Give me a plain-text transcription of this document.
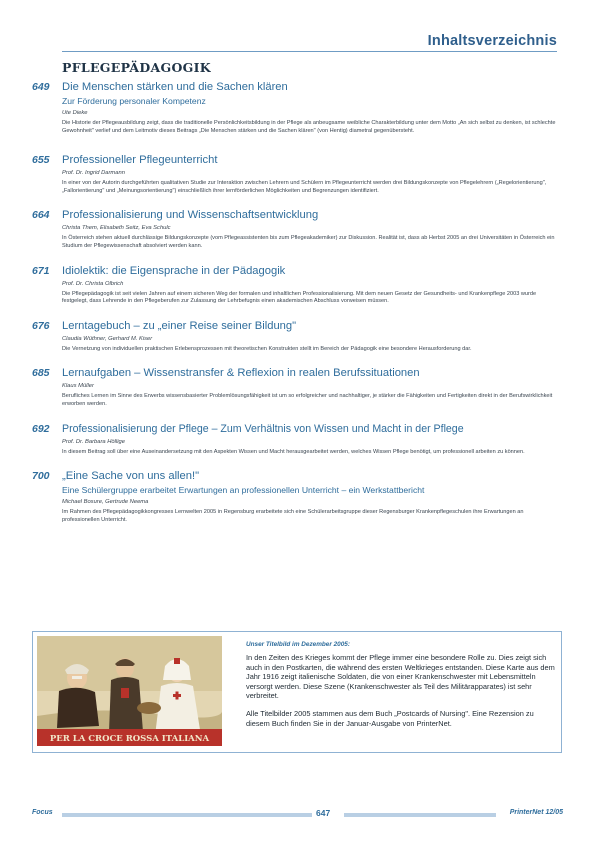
Inhaltsverzeichnis
PFLEGEPÄDAGOGIK
649 Die Menschen stärken und die Sachen klären
Zur Förderung personaler Kompetenz
Ute Dieke
Die Historie der Pflegeausbildung zeigt, dass die traditionelle Persönlichkeitsbildung in der Pflege als anbeugsame weibliche Charakterbildung unter dem Motto „An sich selbst zu denken, ist schlechte Gewohnheit" verlief und dem Leitmotiv dieses Beitrags „Die Menschen stärken und die Sachen klären" (von Hentig) diametral gegenübersteht.
655 Professioneller Pflegeunterricht
Prof. Dr. Ingrid Darmann
In einer von der Autorin durchgeführten qualitativen Studie zur Interaktion zwischen Lehrern und Schülern im Pflegeunterricht werden drei Bildungskonzepte von Pflegelehrern („Regelorientierung", „Fallorientierung" und „Meinungsorientierung") einschließlich ihrer lernförderlichen Möglichkeiten und Begrenzungen identifiziert.
664 Professionalisierung und Wissenschaftsentwicklung
Christa Them, Elisabeth Seitz, Eva Schulc
In Österreich stehen aktuell durchlässige Bildungskonzepte (vom Pflegeassistenten bis zum Pflegeakademiker) zur Diskussion. Realität ist, dass ab Herbst 2005 an drei Universitäten in Österreich ein Studium der Pflegewissenschaft absolviert werden kann.
671 Idiolektik: die Eigensprache in der Pädagogik
Prof. Dr. Christa Olbrich
Die Pflegepädagogik ist seit vielen Jahren auf einem sicheren Weg der formalen und inhaltlichen Professionalisierung. Mit dem neuen Gesetz der Gesundheits- und Krankenpflege 2003 wurde festgelegt, dass Lehrende in den Pflegeberufen zur Zulassung der Lehrbefugnis einen akademischen Abschluss vorweisen müssen.
676 Lerntagebuch – zu „einer Reise seiner Bildung"
Claudia Wüthner, Gerhard M. Kiser
Die Vernetzung von individuellen praktischen Erlebensprozessen mit theoretischen Konstrukten stellt im Bereich der Pädagogik eine besondere Herausforderung dar.
685 Lernaufgaben – Wissenstransfer & Reflexion in realen Berufssituationen
Klaus Müller
Berufliches Lernen im Sinne des Erwerbs wissensbasierter Problemlösungsfähigkeit ist um so erfolgreicher und nachhaltiger, je stärker die Fähigkeiten und Fertigkeiten direkt in der Berufswirklichkeit erworben werden.
692 Professionalisierung der Pflege – Zum Verhältnis von Wissen und Macht in der Pflege
Prof. Dr. Barbara Höllige
In diesem Beitrag soll über eine Auseinandersetzung mit den Aspekten Wissen und Macht herausgearbeitet werden, welches Wissen Pflege benötigt, um professionell arbeiten zu können.
700 „Eine Sache von uns allen!"
Eine Schülergruppe erarbeitet Erwartungen an professionellen Unterricht – ein Werkstattbericht
Michael Bosure, Gertrude Neema
Im Rahmen des Pflegepädagogikkongresses Lernwelten 2005 in Regensburg erarbeitete sich eine Schülerarbeitsgruppe dieser Regensburger Krankenpflegeschulen ihre Erwartungen an professionellen Unterricht.
PER LA CROCE ROSSA ITALIANA
Unser Titelbild im Dezember 2005:
In den Zeiten des Krieges kommt der Pflege immer eine besondere Rolle zu. Dies zeigt sich auch in den Postkarten, die während des ersten Weltkrieges entstanden. Diese Karte aus dem Jahr 1916 zeigt italienische Soldaten, die von einer Krankenschwester mit Lebensmitteln versorgt werden. Diese Szene (Krankenschwester als Teil des Militärapparates) ist sehr verbreitet.
Alle Titelbilder 2005 stammen aus dem Buch „Postcards of Nursing". Eine Rezension zu diesem Buch finden Sie in der Januar-Ausgabe von PrinterNet.
Focus	647	PrinterNet 12/05
